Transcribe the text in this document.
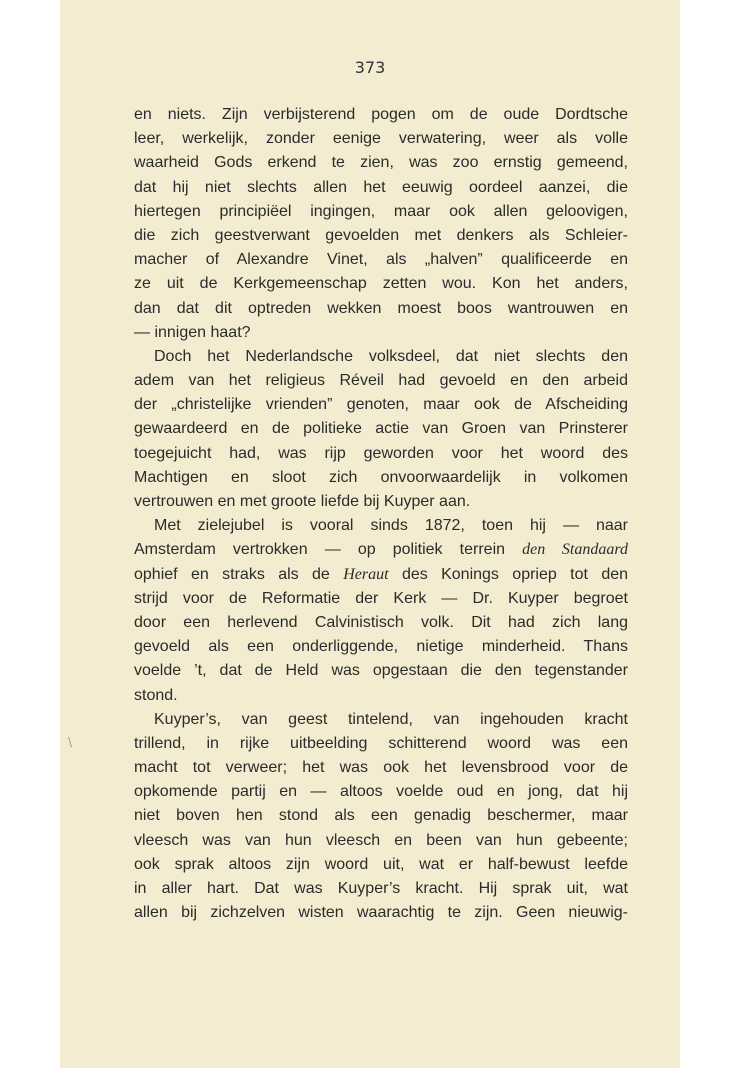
373
en niets. Zijn verbijsterend pogen om de oude Dordtsche
leer, werkelijk, zonder eenige verwatering, weer als volle
waarheid Gods erkend te zien, was zoo ernstig gemeend,
dat hij niet slechts allen het eeuwig oordeel aanzei, die
hiertegen principiëel ingingen, maar ook allen geloovigen,
die zich geestverwant gevoelden met denkers als Schleier-
macher of Alexandre Vinet, als „halven” qualificeerde en
ze uit de Kerkgemeenschap zetten wou. Kon het anders,
dan dat dit optreden wekken moest boos wantrouwen en
— innigen haat?
Doch het Nederlandsche volksdeel, dat niet slechts den
adem van het religieus Réveil had gevoeld en den arbeid
der „christelijke vrienden” genoten, maar ook de Afscheiding
gewaardeerd en de politieke actie van Groen van Prinsterer
toegejuicht had, was rijp geworden voor het woord des
Machtigen en sloot zich onvoorwaardelijk in volkomen
vertrouwen en met groote liefde bij Kuyper aan.
Met zielejubel is vooral sinds 1872, toen hij — naar
Amsterdam vertrokken — op politiek terrein den Standaard
ophief en straks als de Heraut des Konings opriep tot den
strijd voor de Reformatie der Kerk — Dr. Kuyper begroet
door een herlevend Calvinistisch volk. Dit had zich lang
gevoeld als een onderliggende, nietige minderheid. Thans
voelde ’t, dat de Held was opgestaan die den tegenstander
stond.
Kuyper’s, van geest tintelend, van ingehouden kracht
trillend, in rijke uitbeelding schitterend woord was een
macht tot verweer; het was ook het levensbrood voor de
opkomende partij en — altoos voelde oud en jong, dat hij
niet boven hen stond als een genadig beschermer, maar
vleesch was van hun vleesch en been van hun gebeente;
ook sprak altoos zijn woord uit, wat er half-bewust leefde
in aller hart. Dat was Kuyper’s kracht. Hij sprak uit, wat
allen bij zichzelven wisten waarachtig te zijn. Geen nieuwig-
\
